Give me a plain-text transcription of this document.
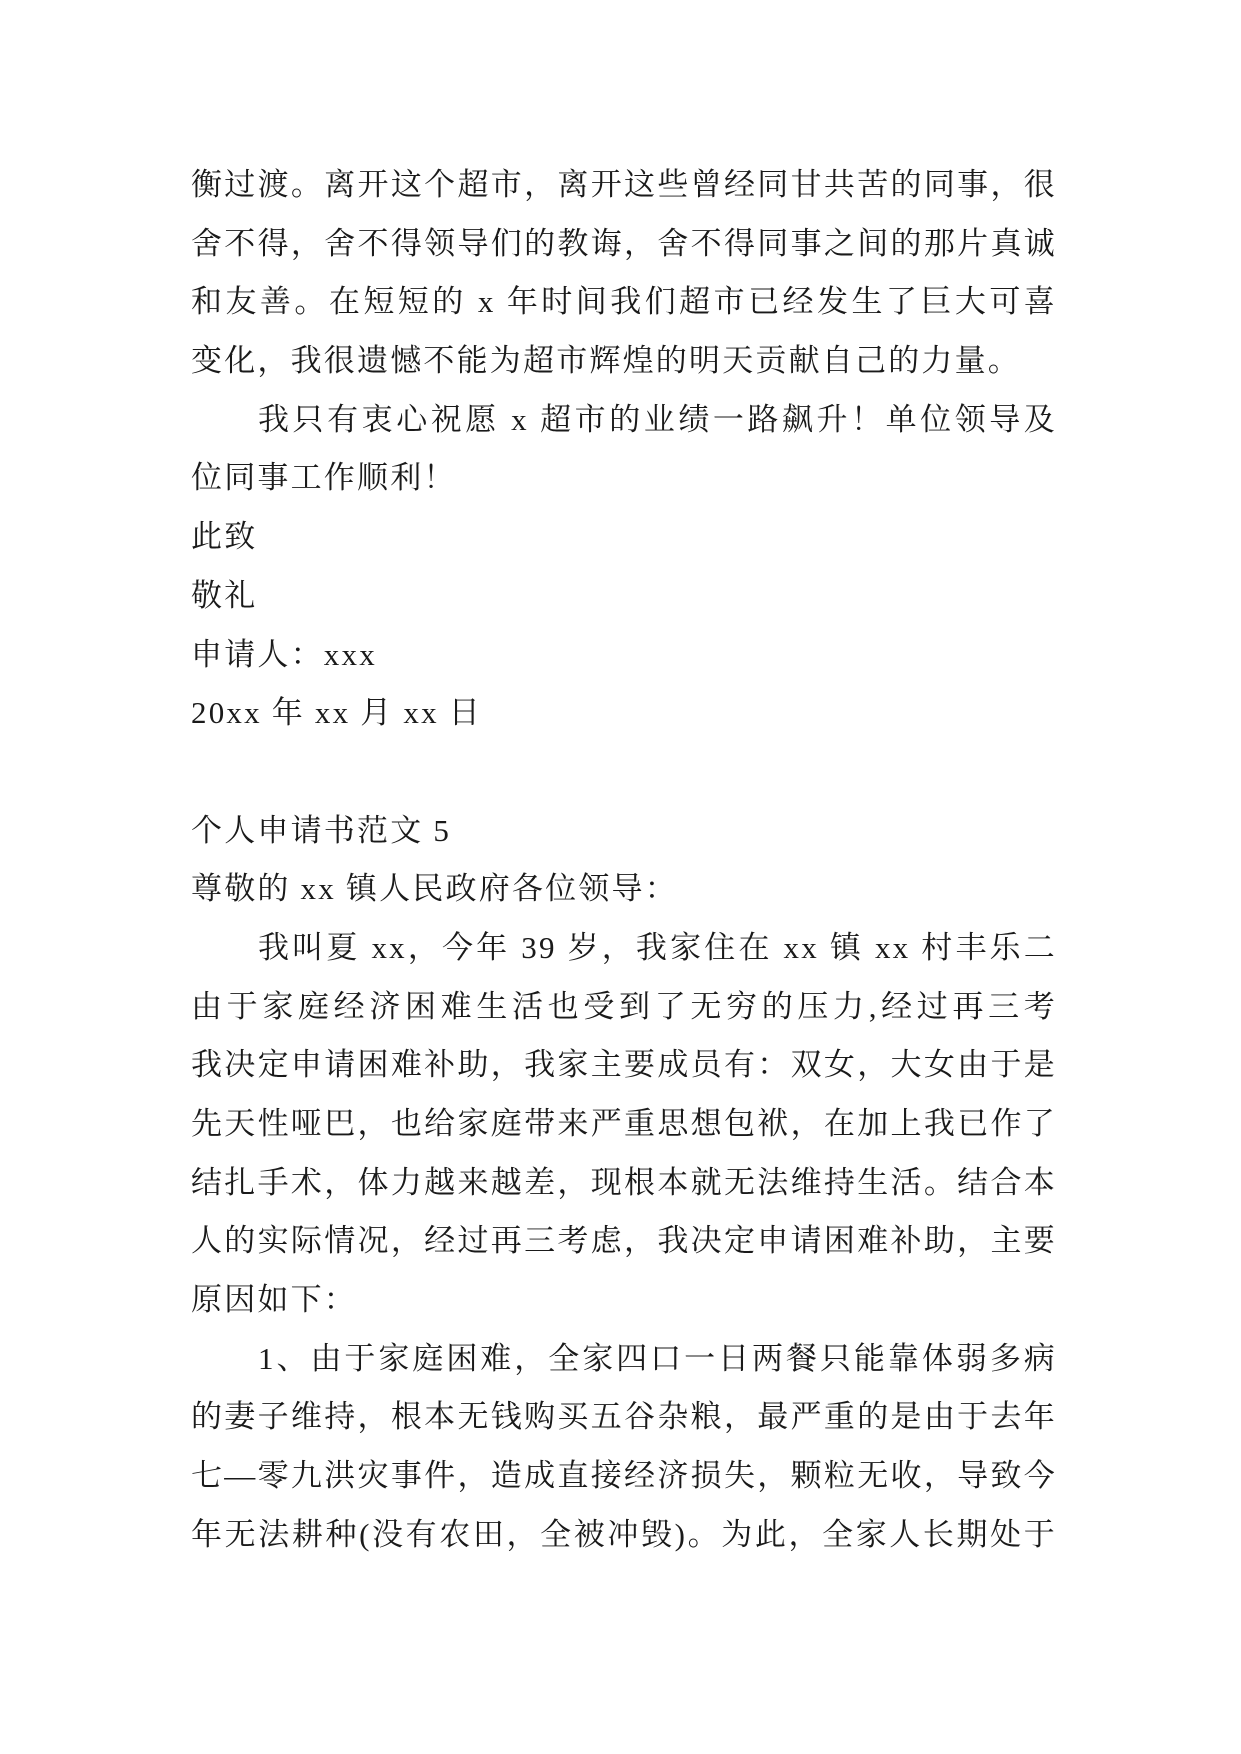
衡过渡。离开这个超市，离开这些曾经同甘共苦的同事，很
舍不得，舍不得领导们的教诲，舍不得同事之间的那片真诚
和友善。在短短的 x 年时间我们超市已经发生了巨大可喜
变化，我很遗憾不能为超市辉煌的明天贡献自己的力量。
我只有衷心祝愿 x 超市的业绩一路飙升！单位领导及
位同事工作顺利！
此致
敬礼
申请人：xxx
20xx 年 xx 月 xx 日
个人申请书范文 5
尊敬的 xx 镇人民政府各位领导：
我叫夏 xx，今年 39 岁，我家住在 xx 镇 xx 村丰乐二
由于家庭经济困难生活也受到了无穷的压力,经过再三考
我决定申请困难补助，我家主要成员有：双女，大女由于是
先天性哑巴，也给家庭带来严重思想包袱，在加上我已作了
结扎手术，体力越来越差，现根本就无法维持生活。结合本
人的实际情况，经过再三考虑，我决定申请困难补助，主要
原因如下：
1、由于家庭困难，全家四口一日两餐只能靠体弱多病
的妻子维持，根本无钱购买五谷杂粮，最严重的是由于去年
七—零九洪灾事件，造成直接经济损失，颗粒无收，导致今
年无法耕种(没有农田，全被冲毁)。为此，全家人长期处于
